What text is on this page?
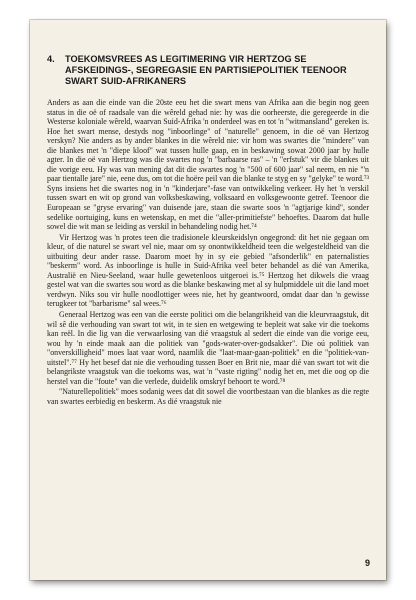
4. TOEKOMSVREES AS LEGITIMERING VIR HERTZOG SE AFSKEIDINGS-, SEGREGASIE EN PARTISIEPOLITIEK TEENOOR SWART SUID-AFRIKANERS

Anders as aan die einde van die 20ste eeu het die swart mens van Afrika aan die begin nog geen status in die oë of raadsale van die wêreld gehad nie: hy was die oorheerste, die geregeerde in die Westerse koloniale wêreld, waarvan Suid-Afrika 'n onderdeel was en tot 'n "witmansland" gereken is. Hoe het swart mense, destyds nog "inboorlinge" of "naturelle" genoem, in die oë van Hertzog verskyn? Nie anders as by ander blankes in die wêreld nie: vir hom was swartes die "mindere" van die blankes met 'n "diepe kloof" wat tussen hulle gaap, en in beskawing sowat 2000 jaar by hulle agter. In die oë van Hertzog was die swartes nog 'n "barbaarse ras" – 'n "erfstuk" vir die blankes uit die vorige eeu. Hy was van mening dat dit die swartes nog 'n "500 of 600 jaar" sal neem, en nie "'n paar tientalle jare" nie, eene dus, om tot die hoëre peil van die blanke te styg en sy "gelyke" te word.⁷³ Syns insiens het die swartes nog in 'n "kinderjare"-fase van ontwikkeling verkeer. Hy het 'n verskil tussen swart en wit op grond van volksbeskawing, volksaard en volksgewoonte getref. Teenoor die Europeaan se "gryse ervaring" van duisende jare, staan die swarte soos 'n "agtjarige kind", sonder sedelike oortuiging, kuns en wetenskap, en met die "aller-primitiefste" behoeftes. Daarom dat hulle sowel die wit man se leiding as verskil in behandeling nodig het.⁷⁴

Vir Hertzog was 'n protes teen die tradisionele kleurskeidslyn ongegrond: dit het nie gegaan om kleur, of die naturel se swart vel nie, maar om sy onontwikkeldheid teen die welgesteldheid van die uitbuiting deur ander rasse. Daarom moet hy in sy eie gebied "afsonderlik" en paternalisties "beskerm" word. As inboorlinge is hulle in Suid-Afrika veel beter behandel as dié van Amerika, Australië en Nieu-Seeland, waar hulle gewetenloos uitgeroei is.⁷⁵ Hertzog het dikwels die vraag gestel wat van die swartes sou word as die blanke beskawing met al sy hulpmiddele uit die land moet verdwyn. Niks sou vir hulle noodlottiger wees nie, het hy geantwoord, omdat daar dan 'n gewisse terugkeer tot "barbarisme" sal wees.⁷⁶

Generaal Hertzog was een van die eerste politici om die belangrikheid van die kleurvraagstuk, dit wil sê die verhouding van swart tot wit, in te sien en wetgewing te bepleit wat sake vir die toekoms kan reël. In die lig van die verwaarlosing van dié vraagstuk al sedert die einde van die vorige eeu, wou hy 'n einde maak aan die politiek van "gods-water-over-godsakker". Die oú politiek van "onverskilligheid" moes laat vaar word, naamlik die "laat-maar-gaan-politiek" en die "politiek-van-uitstel".⁷⁷ Hy het besef dat nie die verhouding tussen Boer en Brit nie, maar dié van swart tot wit die belangrikste vraagstuk van die toekoms was, wat 'n "vaste rigting" nodig het en, met die oog op die herstel van die "foute" van die verlede, duidelik omskryf behoort te word.⁷⁸

"Naturellepolitiek" moes sodanig wees dat dit sowel die voortbestaan van die blankes as die regte van swartes eerbiedig en beskerm. As dié vraagstuk nie

9
